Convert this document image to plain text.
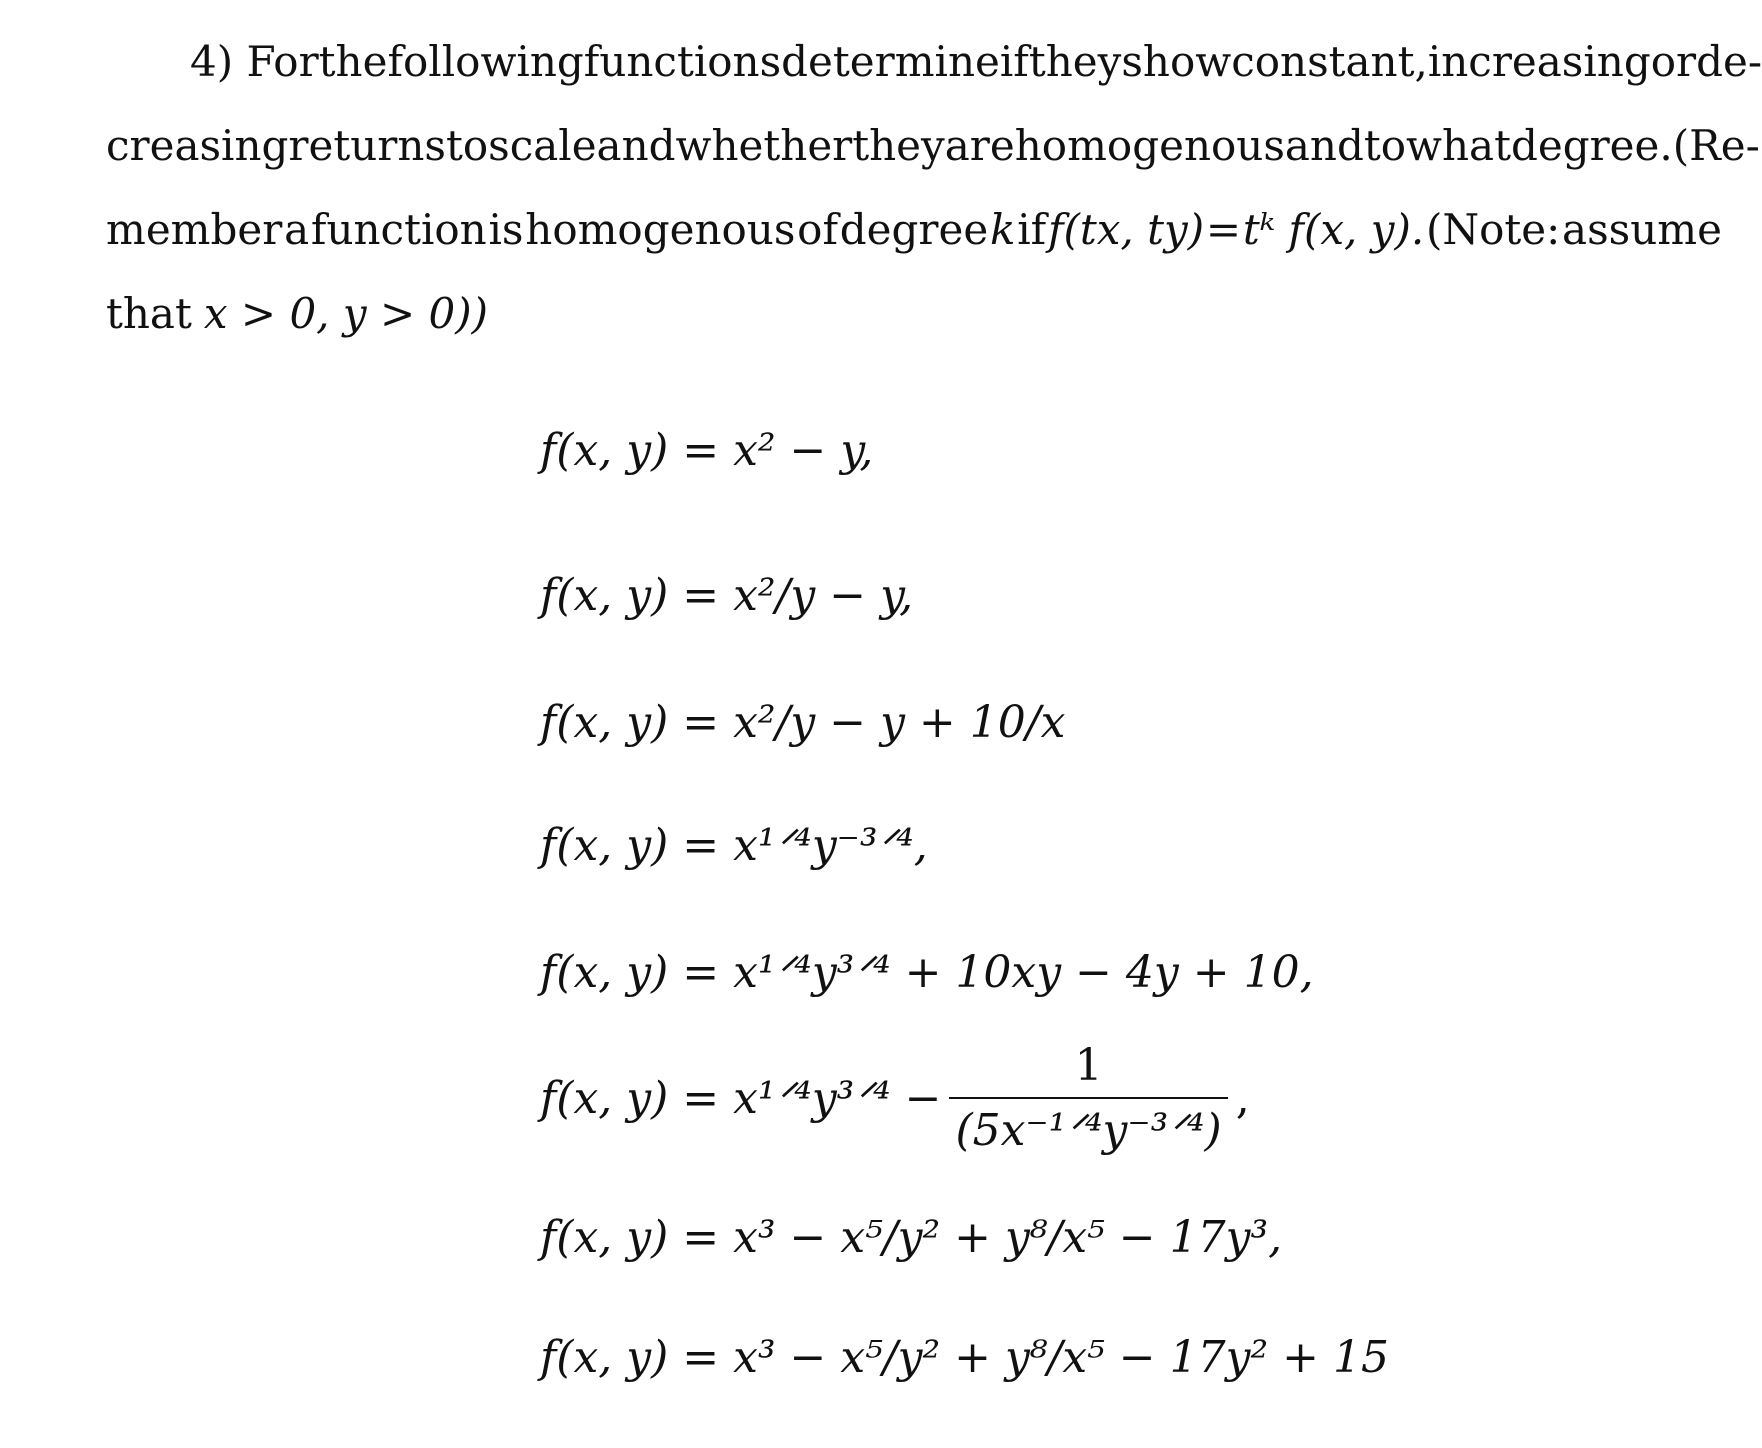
4) For the following functions determine if they show constant, increasing or de-
creasing returns to scale and whether they are homogenous and to what degree. (Re-
member a function is homogenous of degree k if f(tx, ty) = tᵏ f(x, y). (Note: assume
that x > 0, y > 0))
f(x, y) = x² − y,
f(x, y) = x²/y − y,
f(x, y) = x²/y − y + 10/x
f(x, y) = x¹ᐟ⁴y⁻³ᐟ⁴,
f(x, y) = x¹ᐟ⁴y³ᐟ⁴ + 10xy − 4y + 10,
f(x, y) = x¹ᐟ⁴y³ᐟ⁴ − $\frac{1}{\text{(5x⁻¹ᐟ⁴y⁻³ᐟ⁴)}}$ ,
f(x, y) = x³ − x⁵/y² + y⁸/x⁵ − 17y³,
f(x, y) = x³ − x⁵/y² + y⁸/x⁵ − 17y² + 15
